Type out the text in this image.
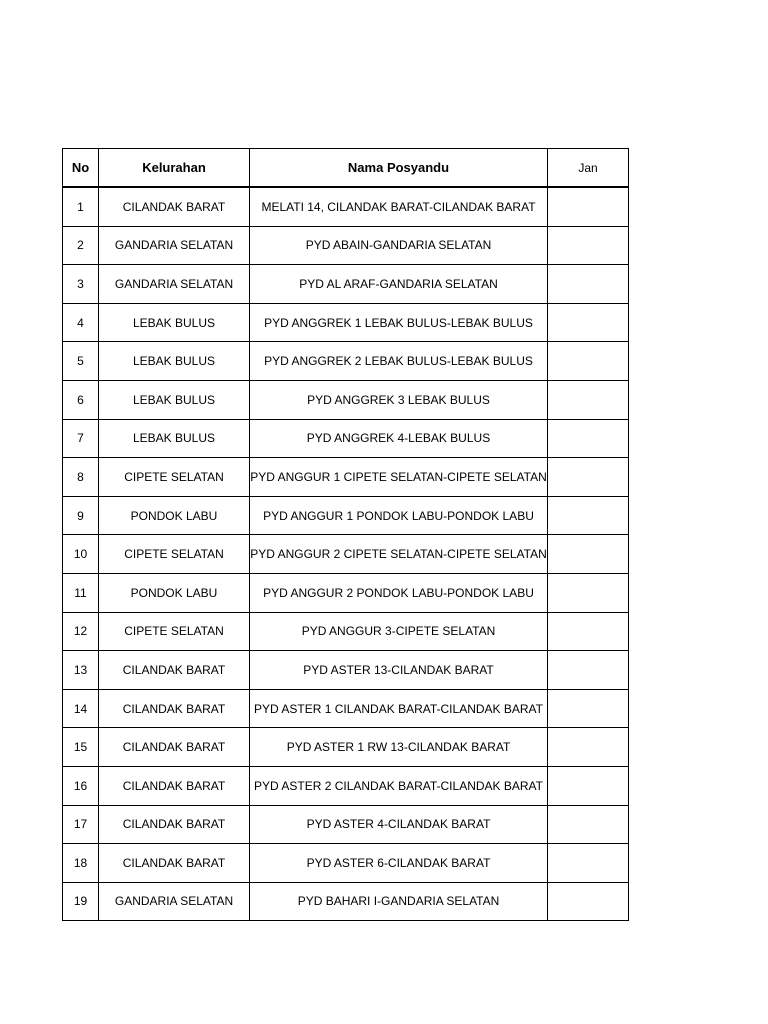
No	Kelurahan	Nama Posyandu	Jan
1	CILANDAK BARAT	MELATI 14, CILANDAK BARAT-CILANDAK BARAT	
2	GANDARIA SELATAN	PYD ABAIN-GANDARIA SELATAN	
3	GANDARIA SELATAN	PYD AL ARAF-GANDARIA SELATAN	
4	LEBAK BULUS	PYD ANGGREK 1 LEBAK BULUS-LEBAK BULUS	
5	LEBAK BULUS	PYD ANGGREK 2 LEBAK BULUS-LEBAK BULUS	
6	LEBAK BULUS	PYD ANGGREK 3 LEBAK BULUS	
7	LEBAK BULUS	PYD ANGGREK 4-LEBAK BULUS	
8	CIPETE SELATAN	PYD ANGGUR 1 CIPETE SELATAN-CIPETE SELATAN	
9	PONDOK LABU	PYD ANGGUR 1 PONDOK LABU-PONDOK LABU	
10	CIPETE SELATAN	PYD ANGGUR 2 CIPETE SELATAN-CIPETE SELATAN	
11	PONDOK LABU	PYD ANGGUR 2 PONDOK LABU-PONDOK LABU	
12	CIPETE SELATAN	PYD ANGGUR 3-CIPETE SELATAN	
13	CILANDAK BARAT	PYD ASTER 13-CILANDAK BARAT	
14	CILANDAK BARAT	PYD ASTER 1 CILANDAK BARAT-CILANDAK BARAT	
15	CILANDAK BARAT	PYD ASTER 1 RW 13-CILANDAK BARAT	
16	CILANDAK BARAT	PYD ASTER 2 CILANDAK BARAT-CILANDAK BARAT	
17	CILANDAK BARAT	PYD ASTER 4-CILANDAK BARAT	
18	CILANDAK BARAT	PYD ASTER 6-CILANDAK BARAT	
19	GANDARIA SELATAN	PYD BAHARI I-GANDARIA SELATAN	
